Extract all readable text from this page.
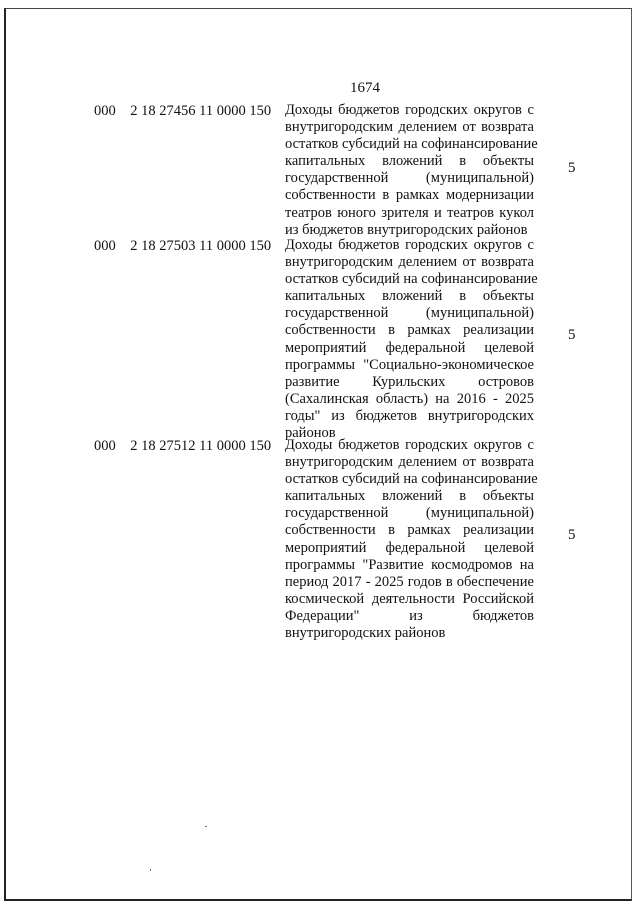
1674
000 2 18 27456 11 0000 150 Доходы бюджетов городских округов с
внутригородским делением от возврата
остатков субсидий на софинансирование
капитальных вложений в объекты
государственной (муниципальной)
собственности в рамках модернизации
театров юного зрителя и театров кукол
из бюджетов внутригородских районов
5
000 2 18 27503 11 0000 150 Доходы бюджетов городских округов с
внутригородским делением от возврата
остатков субсидий на софинансирование
капитальных вложений в объекты
государственной (муниципальной)
собственности в рамках реализации
мероприятий федеральной целевой
программы "Социально-экономическое
развитие Курильских островов
(Сахалинская область) на 2016 - 2025
годы" из бюджетов внутригородских
районов
5
000 2 18 27512 11 0000 150 Доходы бюджетов городских округов с
внутригородским делением от возврата
остатков субсидий на софинансирование
капитальных вложений в объекты
государственной (муниципальной)
собственности в рамках реализации
мероприятий федеральной целевой
программы "Развитие космодромов на
период 2017 - 2025 годов в обеспечение
космической деятельности Российской
Федерации" из бюджетов
внутригородских районов
5
